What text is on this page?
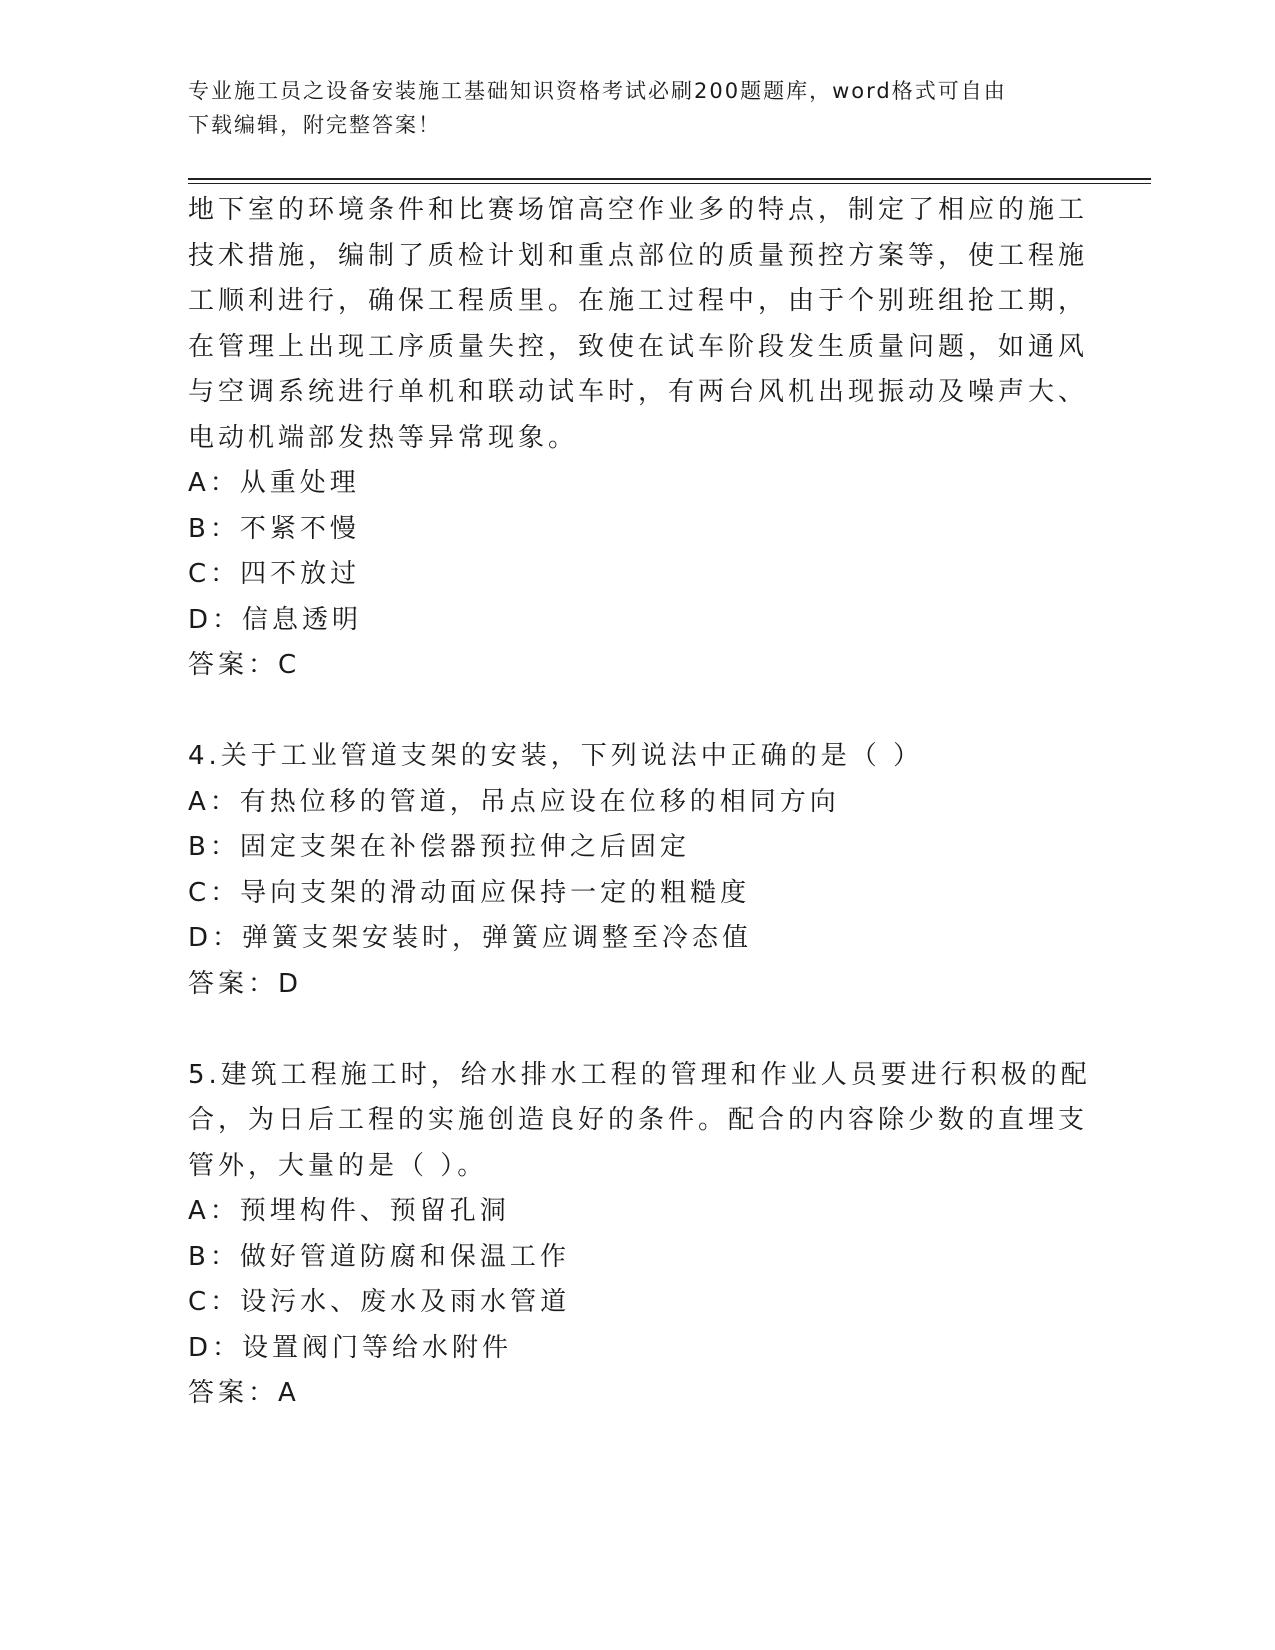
专业施工员之设备安装施工基础知识资格考试必刷200题题库，word格式可自由
下载编辑，附完整答案！
地下室的环境条件和比赛场馆高空作业多的特点，制定了相应的施工
技术措施，编制了质检计划和重点部位的质量预控方案等，使工程施
工顺利进行，确保工程质里。在施工过程中，由于个别班组抢工期，
在管理上出现工序质量失控，致使在试车阶段发生质量问题，如通风
与空调系统进行单机和联动试车时，有两台风机出现振动及噪声大、
电动机端部发热等异常现象。
A：从重处理
B：不紧不慢
C：四不放过
D：信息透明
答案：C
4.关于工业管道支架的安装，下列说法中正确的是（ ）
A：有热位移的管道，吊点应设在位移的相同方向
B：固定支架在补偿器预拉伸之后固定
C：导向支架的滑动面应保持一定的粗糙度
D：弹簧支架安装时，弹簧应调整至冷态值
答案：D
5.建筑工程施工时，给水排水工程的管理和作业人员要进行积极的配
合，为日后工程的实施创造良好的条件。配合的内容除少数的直埋支
管外，大量的是（ ）。
A：预埋构件、预留孔洞
B：做好管道防腐和保温工作
C：设污水、废水及雨水管道
D：设置阀门等给水附件
答案：A
